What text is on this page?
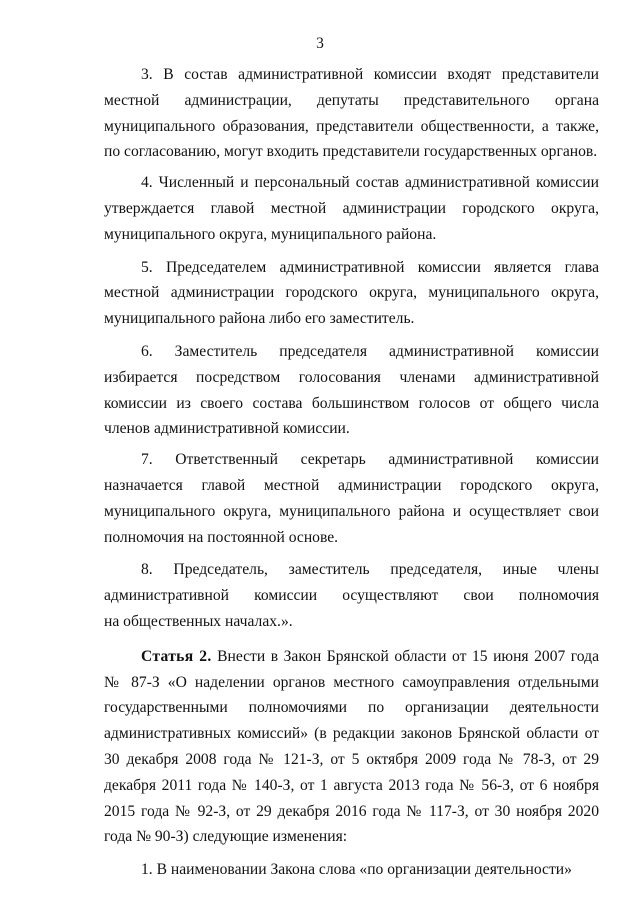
3

3. В состав административной комиссии входят представители местной администрации, депутаты представительного органа муниципального образования, представители общественности, а также, по согласованию, могут входить представители государственных органов.

4. Численный и персональный состав административной комиссии утверждается главой местной администрации городского округа, муниципального округа, муниципального района.

5. Председателем административной комиссии является глава местной администрации городского округа, муниципального округа, муниципального района либо его заместитель.

6. Заместитель председателя административной комиссии избирается посредством голосования членами административной комиссии из своего состава большинством голосов от общего числа членов административной комиссии.

7. Ответственный секретарь административной комиссии назначается главой местной администрации городского округа, муниципального округа, муниципального района и осуществляет свои полномочия на постоянной основе.

8. Председатель, заместитель председателя, иные члены административной комиссии осуществляют свои полномочия

на общественных началах.».

Статья 2. Внести в Закон Брянской области от 15 июня 2007 года № 87-З «О наделении органов местного самоуправления отдельными государственными полномочиями по организации деятельности административных комиссий» (в редакции законов Брянской области от 30 декабря 2008 года № 121-З, от 5 октября 2009 года № 78-З, от 29 декабря 2011 года № 140-З, от 1 августа 2013 года № 56-З, от 6 ноября 2015 года № 92-З, от 29 декабря 2016 года № 117-З, от 30 ноября 2020 года № 90-З) следующие изменения:

1. В наименовании Закона слова «по организации деятельности»
